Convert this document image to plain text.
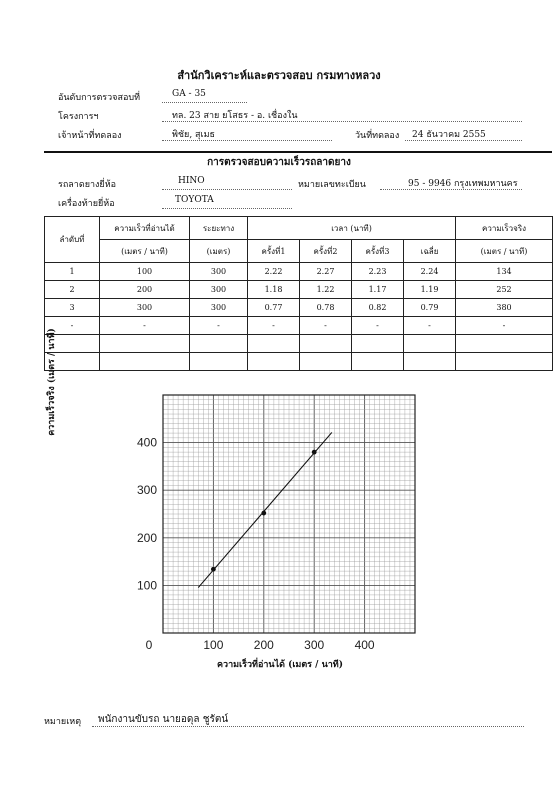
สำนักวิเคราะห์และตรวจสอบ กรมทางหลวง
อันดับการตรวจสอบที่	GA - 35
โครงการฯ	ทล. 23 สาย ยโสธร - อ. เชื่องใน
เจ้าหน้าที่ทดลอง	พิชัย, สุเมธ	วันที่ทดลอง 24 ธันวาคม 2555
การตรวจสอบความเร็วรถลาดยาง
รถลาดยางยี่ห้อ	HINO	หมายเลขทะเบียน	95 - 9946 กรุงเทพมหานคร
เครื่องท้ายยี่ห้อ	TOYOTA
ลำดับที่	ความเร็วที่อ่านได้	ระยะทาง	เวลา (นาที)				ความเร็วจริง
	(เมตร / นาที)	(เมตร)	ครั้งที่1	ครั้งที่2	ครั้งที่3	เฉลี่ย	(เมตร / นาที)
1	100	300	2.22	2.27	2.23	2.24	134
2	200	300	1.18	1.22	1.17	1.19	252
3	300	300	0.77	0.78	0.82	0.79	380
-	-	-	-	-	-	-	-

0	100	200	300	400
100
200
300
400
ความเร็วจริง (เมตร / นาที)
ความเร็วที่อ่านได้ (เมตร / นาที)
หมายเหตุ พนักงานขับรถ นายอดุล ชูรัตน์
